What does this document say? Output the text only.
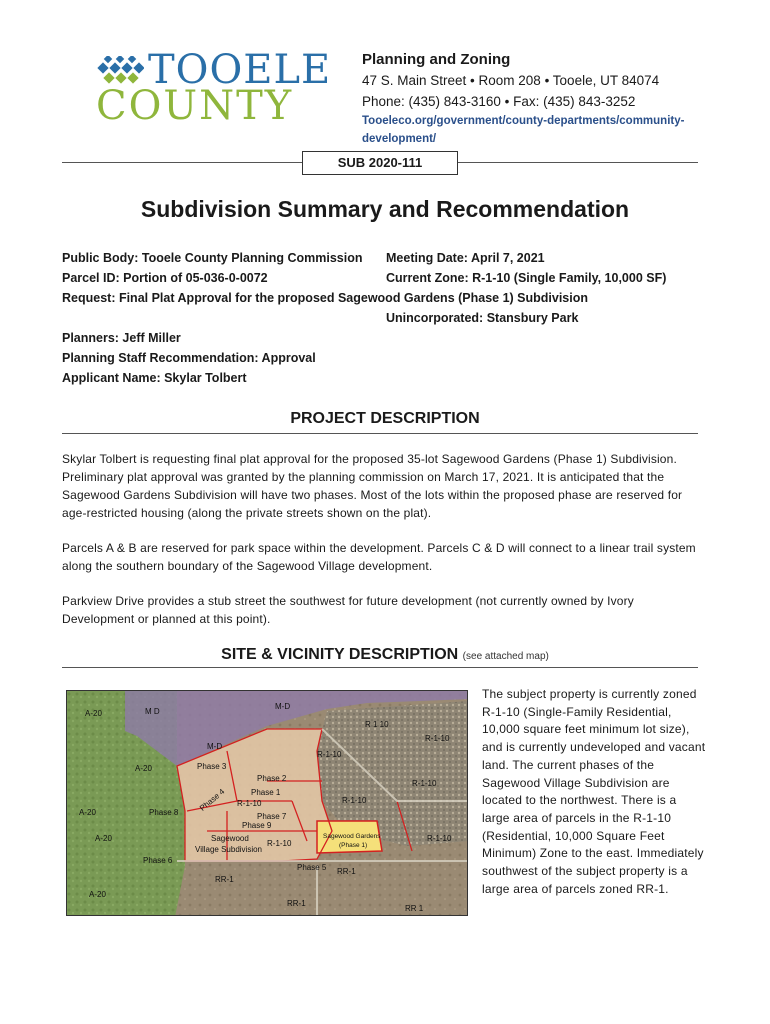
TOOELE
COUNTY
Planning and Zoning
47 S. Main Street • Room 208 • Tooele, UT 84074
Phone: (435) 843-3160 • Fax: (435) 843-3252
Tooeleco.org/government/county-departments/community-
development/
SUB 2020-111
Subdivision Summary and Recommendation
Public Body: Tooele County Planning Commission Meeting Date: April 7, 2021
Parcel ID: Portion of 05-036-0-0072	Current Zone: R-1-10 (Single Family, 10,000 SF)
Request: Final Plat Approval for the proposed Sagewood Gardens (Phase 1) Subdivision
Unincorporated: Stansbury Park
Planners: Jeff Miller
Planning Staff Recommendation: Approval
Applicant Name: Skylar Tolbert
PROJECT DESCRIPTION
Skylar Tolbert is requesting final plat approval for the proposed 35-lot Sagewood Gardens (Phase 1) Subdivision. Preliminary plat approval was granted by the planning commission on March 17, 2021. It is anticipated that the Sagewood Gardens Subdivision will have two phases. Most of the lots within the proposed phase are reserved for age-restricted housing (along the private streets shown on the plat).
Parcels A & B are reserved for park space within the development. Parcels C & D will connect to a linear trail system along the southern boundary of the Sagewood Village development.
Parkview Drive provides a stub street the southwest for future development (not currently owned by Ivory Development or planned at this point).
SITE & VICINITY DESCRIPTION (see attached map)
A-20	M D
M-D
M-D
R 1 10
R-1-10
R-1-10
R-1-10
R-1-10
R-1-10
R-1-10
R-1-10
A-20
A-20
A-20
A-20
Phase 3
Phase 2
Phase 1
Phase 4
Phase 8	Phase 7
Phase 9
Sagewood
Village Subdivision
Phase 6
Phase 5
RR-1
RR-1
RR-1
RR 1
Sagewood Gardens
(Phase 1)
The subject property is currently zoned R-1-10 (Single-Family Residential, 10,000 square feet minimum lot size), and is currently undeveloped and vacant land. The current phases of the Sagewood Village Subdivision are located to the northwest. There is a large area of parcels in the R-1-10 (Residential, 10,000 Square Feet Minimum) Zone to the east. Immediately southwest of the subject property is a large area of parcels zoned RR-1.
